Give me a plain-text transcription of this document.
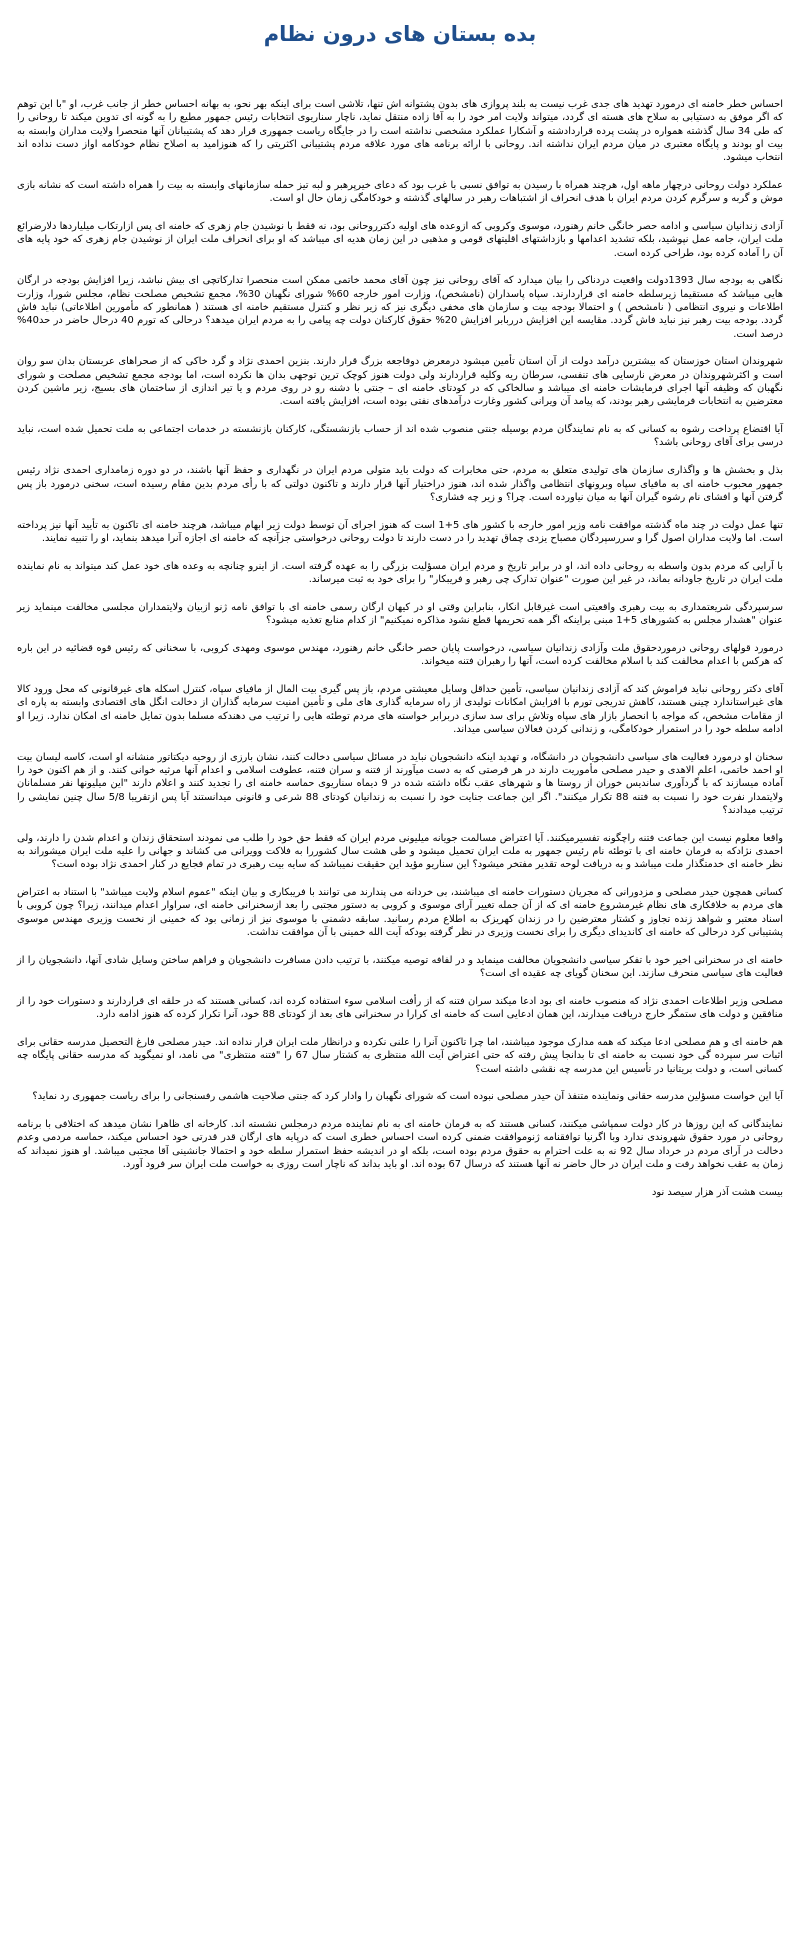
بده بستان های درون نظام

احساس خطر خامنه ای درمورد تهدید های جدی غرب نیست به بلند پروازی های بدون پشتوانه اش تنها، تلاشی است برای اینکه بهر نحو، به بهانه احساس خطر از جانب غرب، او "با این توهم که اگر موفق به دستیابی به سلاح های هسته ای گردد، میتواند ولایت امر خود را به آقا زاده منتقل نماید، ناچار سناریوی انتخابات رئیس جمهور مطیع را به گونه ای تدوین میکند تا روحانی را که طی 34 سال گذشته همواره در پشت پرده قراردادشته و آشکارا عملکرد مشخصی نداشته است را در جایگاه ریاست جمهوری قرار دهد که پشتیبانان آنها منحصرا ولایت مداران وابسته به بیت او بودند و پایگاه معتبری در میان مردم ایران نداشته اند. روحانی با ارائه برنامه های مورد علاقه مردم پشتیبانی اکثریتی را که هنوزامید به اصلاح نظام خودکامه اواز دست نداده اند انتخاب میشود.

عملکرد دولت روحانی درچهار ماهه اول، هرچند همراه با رسیدن به توافق نسبی با غرب بود که دعای خیرپرهبر و لبه تیز حمله سازمانهای وابسته به بیت را همراه داشته است که نشانه بازی موش و گربه و سرگرم کردن مردم ایران با هدف انحراف از اشتباهات رهبر در سالهای گذشته و خودکامگی زمان حال او است.

آزادی زندانیان سیاسی و ادامه حصر خانگی خانم رهنورد، موسوی وکروبی که ازوعده های اولیه دکترروحانی بود، نه فقط با نوشیدن جام زهری که خامنه ای پس ازارتکاب میلیاردها دلارضرائع ملت ایران، جامه عمل نپوشید، بلکه تشدید اعدامها و بازداشتهای اقلیتهای قومی و مذهبی در این زمان هدیه ای میباشد که او برای انحراف ملت ایران از نوشیدن جام زهری که خود پایه های آن را آماده کرده بود، طراحی کرده است.

نگاهی به بودجه سال 1393دولت واقعیت دردناکی را بیان میدارد که آقای روحانی نیز چون آقای محمد خاتمی ممکن است منحصرا تدارکاتچی ای بیش نباشد، زیرا افزایش بودجه در ارگان هایی میباشد که مستقیما زیرسلطه خامنه ای قراردارند. سپاه پاسداران (نامشخص)، وزارت امور خارجه 60% شورای نگهبان 30%، مجمع تشخیص مصلحت نظام، مجلس شورا، وزارت اطلاعات و نیروی انتظامی ( نامشخص ) و احتمالا بودجه بیت و سازمان های مخفی دیگری نیز که زیر نظر و کنترل مستقیم خامنه ای هستند ( همانطور که مأمورین اطلاعاتی) نباید فاش گردد. بودجه بیت رهبر نیز نباید فاش گردد. مقایسه این افزایش درربابر افزایش 20% حقوق کارکنان دولت چه پیامی را به مردم ایران میدهد؟ درحالی که تورم 40 درحال حاضر در حد40% درصد است.

شهروندان استان خوزستان که بیشترین درآمد دولت از آن استان تأمین میشود درمعرض دوفاجعه بزرگ قرار دارند. بنزین احمدی نژاد و گرد خاکی که از صحراهای عربستان بدان سو روان است و اکثرشهروندان در معرض نارسایی های تنفسی، سرطان ریه وکلیه قراردارند ولی دولت هنوز کوچک ترین توجهی بدان ها نکرده است، اما بودجه مجمع تشخیص مصلحت و شورای نگهبان که وظیفه آنها اجرای فرمایشات خامنه ای میباشد و سالخاکی که در کودتای خامنه ای – جنتی با دشنه رو در روی مردم و یا تیر اندازی از ساختمان های بسیج، زیر ماشین کردن معترضین به انتخابات فرمایشی رهبر بودند، که پیامد آن ویرانی کشور وغارت درآمدهای نفتی بوده است، افزایش یافته است.

آیا اقتضاع پرداخت رشوه به کسانی که به نام نمایندگان مردم بوسیله جنتی منصوب شده اند از حساب بازنشستگی، کارکنان بازنشسته در خدمات اجتماعی به ملت تحمیل شده است، نباید درسی برای آقای روحانی باشد؟

بذل و بخشش ها و واگذاری سازمان های تولیدی متعلق به مردم، حتی مخابرات که دولت باید متولی مردم ایران در نگهداری و حفظ آنها باشند، در دو دوره زمامداری احمدی نژاد رئیس جمهور محبوب خامنه ای به مافیای سپاه وبرونهای انتظامی واگذار شده اند، هنوز دراختیار آنها قرار دارند و تاکنون دولتی که با رأی مردم بدین مقام رسیده است، سخنی درمورد باز پس گرفتن آنها و افشای نام رشوه گیران آنها به میان نیاورده است. چرا؟ و زیر چه فشاری؟

تنها عمل دولت در چند ماه گذشته موافقت نامه وزیر امور خارجه با کشور های 5+1 است که هنوز اجرای آن توسط دولت زیر ابهام میباشد، هرچند خامنه ای تاکنون به تأیید آنها نیز پرداخته است. اما ولایت مداران اصول گرا و سررسپردگان مصباح یزدی چماق تهدید را در دست دارند تا دولت روحانی درخواستی جزآنچه که خامنه ای اجازه آنرا میدهد بنماید، او را تنبیه نمایند.

با آرایی که مردم بدون واسطه به روحانی داده اند، او در برابر تاریخ و مردم ایران مسؤلیت بزرگی را به عهده گرفته است. از اینرو چنانچه به وعده های خود عمل کند میتواند به نام نماینده ملت ایران در تاریخ جاودانه بماند، در غیر این صورت "عنوان تدارک چی رهبر و فریبکار" را برای خود به ثبت میرساند.

سرسپردگی شریعتمداری به بیت رهبری واقعیتی است غیرقابل انکار، بنابراین وقتی او در کیهان ارگان رسمی خامنه ای با توافق نامه ژنو ازبیان ولایتمداران مجلسی مخالفت مینماید زیر عنوان "هشدار مجلس به کشورهای 5+1 مبنی براینکه اگر همه تحریمها قطع نشود مذاکره نمیکنیم" از کدام منابع تغذیه میشود؟

درمورد قولهای روحانی درموردحقوق ملت وآزادی زندانیان سیاسی، درخواست پایان حصر خانگی خانم رهنورد، مهندس موسوی ومهدی کروبی، با سخنانی که رئیس قوه قضائیه در این باره که هرکس با اعدام مخالفت کند با اسلام مخالفت کرده است، آنها را رهبران فتنه میخواند.

آقای دکتر روحانی نباید فراموش کند که آزادی زندانیان سیاسی، تأمین حداقل وسایل معیشتی مردم، باز پس گیری بیت المال از مافیای سپاه، کنترل اسکله های غیرقانونی که محل ورود کالا های غیراستاندارد چینی هستند، کاهش تدریجی تورم با افزایش امکانات تولیدی از راه سرمایه گذاری های ملی و تأمین امنیت سرمایه گذاران از دخالت انگل های اقتصادی وابسته به پاره ای از مقامات مشخص، که مواجه با انحصار بازار های سپاه وتلاش برای سد سازی دربرابر خواسته های مردم توطئه هایی را ترتیب می دهندکه مسلما بدون تمایل خامنه ای امکان ندارد. زیرا او ادامه سلطه خود را در استمرار خودکامگی، و زندانی کردن فعالان سیاسی میداند.

سخنان او درمورد فعالیت های سیاسی دانشجویان در دانشگاه، و تهدید اینکه دانشجویان نباید در مسائل سیاسی دخالت کنند، نشان بارزی از روحیه دیکتاتور منشانه او است، کاسه لیسان بیت او احمد خاتمی، اعلم الاهدی و حیدر مصلحی مأموریت دارند در هر فرصتی که به دست میآورند از فتنه و سران فتنه، عطوفت اسلامی و اعدام آنها مرثیه خوانی کنند. و از هم اکنون خود را آماده میسازند که با گردآوری ساندیس خوران از روستا ها و شهرهای عقب نگاه داشته شده در 9 دیماه سناریوی حماسه خامنه ای را تجدید کنند و اعلام دارند "این میلیونها نفر مسلمانان ولایتمدار نفرت خود را نسبت به فتنه 88 تکرار میکنند". اگر این جماعت جنایت خود را نسبت به زندانیان کودتای 88 شرعی و قانونی میدانستند آیا پس ازتقریبا 5/8 سال چنین نمایشی را ترتیب میدادند؟

واقعا معلوم نیست این جماعت فتنه راچگونه تفسیرمیکنند. آیا اعتراض مسالمت جویانه میلیونی مردم ایران که فقط حق خود را طلب می نمودند استحقاق زندان و اعدام شدن را دارند، ولی احمدی نژادکه به فرمان خامنه ای با توطئه نام رئیس جمهور به ملت ایران تحمیل میشود و طی هشت سال کشوررا به فلاکت وویرانی می کشاند و جهانی را علیه ملت ایران میشوراند به نظر خامنه ای خدمتگذار ملت میباشد و به دریافت لوحه تقدیر مفتخر میشود؟ این سناریو مؤید این حقیقت نمیباشد که سایه بیت رهبری در تمام فجایع در کنار احمدی نژاد بوده است؟

کسانی همچون حیدر مصلحی و مزدورانی که مجریان دستورات خامنه ای میباشند، بی خردانه می پندارند می توانند با فریبکاری و بیان اینکه "عموم اسلام ولایت میباشد" با استناد به اعتراض های مردم به خلافکاری های نظام غیرمشروع خامنه ای که از آن جمله تغییر آرای موسوی و کروبی به دستور مجتبی را بعد ازسخنرانی خامنه ای، سراوار اعدام میدانند، زیرا؟ چون کروبی با اسناد معتبر و شواهد زنده تجاوز و کشتار معترضین را در زندان کهریزک به اطلاع مردم رسانید. سابقه دشمنی با موسوی نیز از زمانی بود که خمینی از نخست وزیری مهندس موسوی پشتیبانی کرد درحالی که خامنه ای کاندیدای دیگری را برای نخست وزیری در نظر گرفته بودکه آیت الله خمینی با آن موافقت نداشت.

خامنه ای در سخنرانی اخیر خود با تفکر سیاسی دانشجویان مخالفت مینماید و در لفافه توصیه میکنند، با ترتیب دادن مسافرت دانشجویان و فراهم ساختن وسایل شادی آنها، دانشجویان را از فعالیت های سیاسی منحرف سازند. این سخنان گویای چه عقیده ای است؟

مصلحی وزیر اطلاعات احمدی نژاد که منصوب خامنه ای بود ادعا میکند سران فتنه که از رأفت اسلامی سوء استفاده کرده اند، کسانی هستند که در حلقه ای قراردارند و دستورات خود را از منافقین و دولت های ستمگر خارج دریافت میدارند، این همان ادعایی است که خامنه ای کرارا در سخنرانی های بعد از کودتای 88 خود، آنرا تکرار کرده که هنوز ادامه دارد.

هم خامنه ای و هم مصلحی ادعا میکند که همه مدارک موجود میباشند، اما چرا تاکنون آنرا را علنی نکرده و درانظار ملت ایران قرار نداده اند. حیدر مصلحی فارغ التحصیل مدرسه حقانی برای اثبات سر سپرده گی خود نسبت به خامنه ای تا بدانجا پیش رفته که حتی اعتراض آیت الله منتظری به کشتار سال 67 را "فتنه منتظری" می نامد، او نمیگوید که مدرسه حقانی پایگاه چه کسانی است، و دولت بریتانیا در تأسیس این مدرسه چه نقشی داشته است؟

آیا این خواست مسؤلین مدرسه حقانی ونماینده متنفذ آن حیدر مصلحی نبوده است که شورای نگهبان را وادار کرد که جنتی صلاحیت هاشمی رفسنجانی را برای ریاست جمهوری رد نماید؟

نمایندگانی که این روزها در کار دولت سمپاشی میکنند، کسانی هستند که به فرمان خامنه ای به نام نماینده مردم درمجلس نشسته اند. کارخانه ای ظاهرا نشان میدهد که اختلافی با برنامه روحانی در مورد حقوق شهروندی ندارد وبا اگرنیا توافقنامه ژنوموافقت ضمنی کرده است احساس خطری است که درپایه های ارگان قدر قدرتی خود احساس میکند، حماسه مردمی وعدم دخالت در آرای مردم در خرداد سال 92 نه به علت احترام به حقوق مردم بوده است، بلکه او در اندیشه حفظ استمرار سلطه خود و احتمالا جانشینی آقا مجتبی میباشد. او هنوز نمیداند که زمان به عقب نخواهد رفت و ملت ایران در حال حاضر نه آنها هستند که درسال 67 بوده اند. او باید بداند که ناچار است روزی به خواست ملت ایران سر فرود آورد.

بیست هشت آذر هزار سیصد نود
